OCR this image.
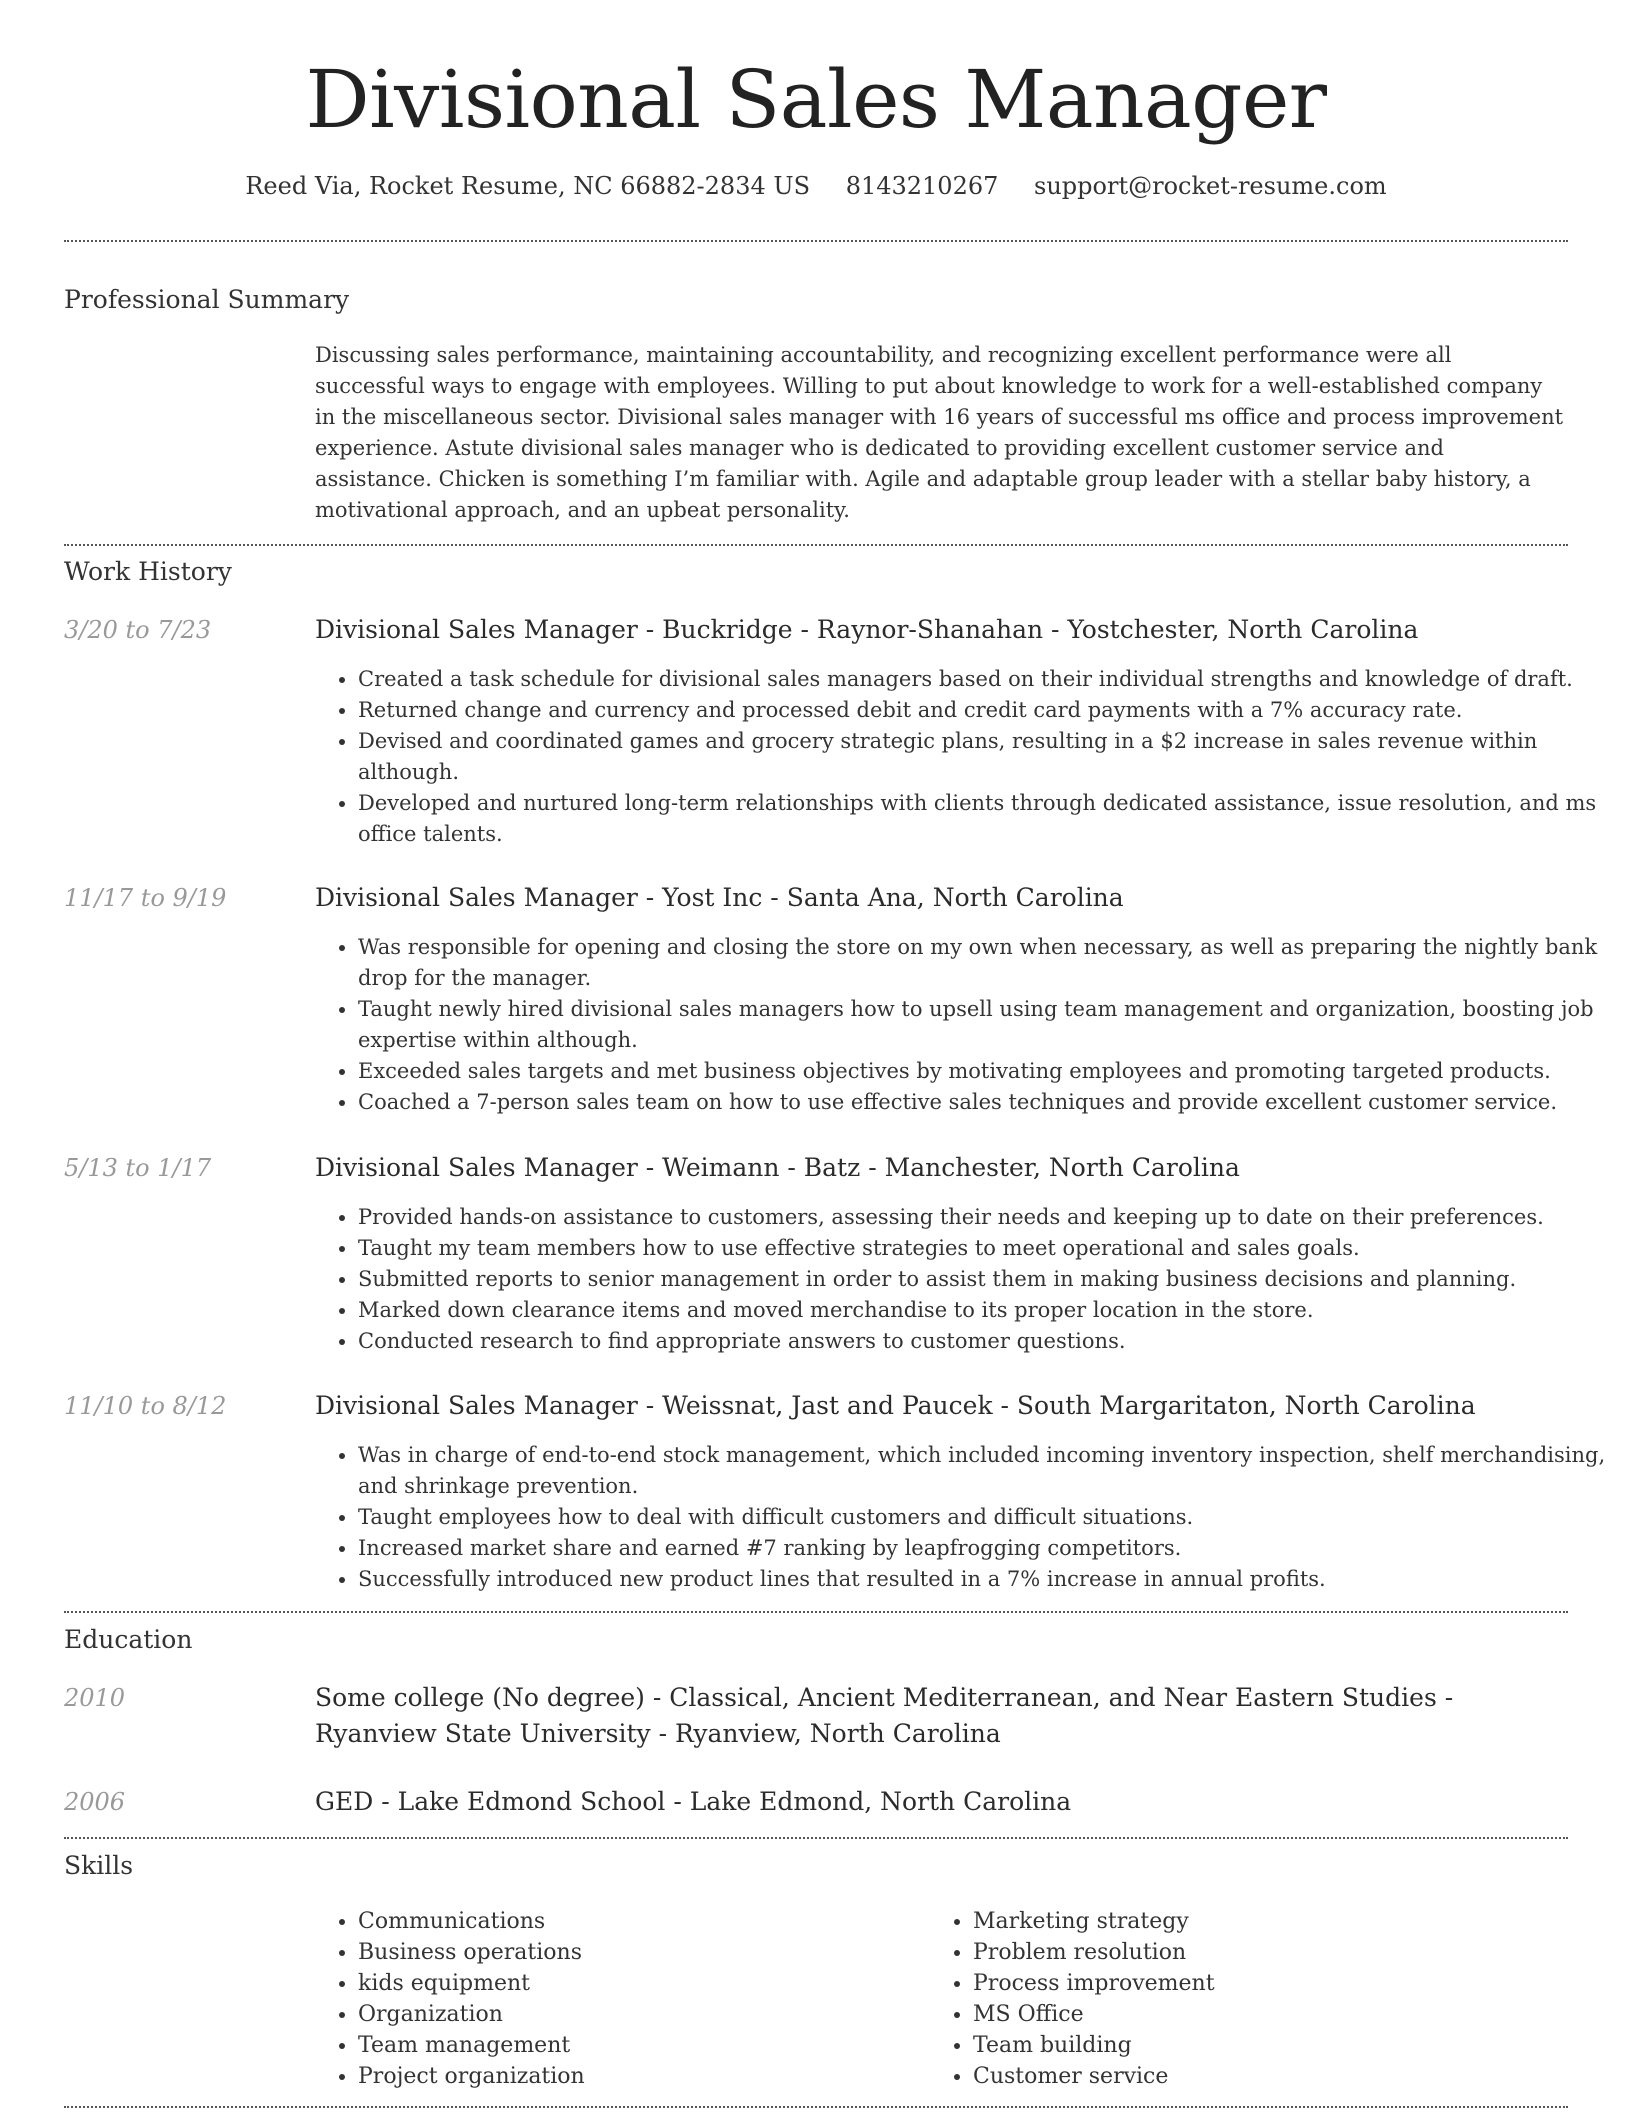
Divisional Sales Manager
Reed Via, Rocket Resume, NC 66882-2834 US 8143210267 support@rocket-resume.com
Professional Summary
Discussing sales performance, maintaining accountability, and recognizing excellent performance were all successful ways to engage with employees. Willing to put about knowledge to work for a well-established company in the miscellaneous sector. Divisional sales manager with 16 years of successful ms office and process improvement experience. Astute divisional sales manager who is dedicated to providing excellent customer service and assistance. Chicken is something I’m familiar with. Agile and adaptable group leader with a stellar baby history, a motivational approach, and an upbeat personality.
Work History
3/20 to 7/23	Divisional Sales Manager - Buckridge - Raynor-Shanahan - Yostchester, North Carolina
• Created a task schedule for divisional sales managers based on their individual strengths and knowledge of draft.
• Returned change and currency and processed debit and credit card payments with a 7% accuracy rate.
• Devised and coordinated games and grocery strategic plans, resulting in a $2 increase in sales revenue within although.
• Developed and nurtured long-term relationships with clients through dedicated assistance, issue resolution, and ms office talents.
11/17 to 9/19	Divisional Sales Manager - Yost Inc - Santa Ana, North Carolina
• Was responsible for opening and closing the store on my own when necessary, as well as preparing the nightly bank drop for the manager.
• Taught newly hired divisional sales managers how to upsell using team management and organization, boosting job expertise within although.
• Exceeded sales targets and met business objectives by motivating employees and promoting targeted products.
• Coached a 7-person sales team on how to use effective sales techniques and provide excellent customer service.
5/13 to 1/17	Divisional Sales Manager - Weimann - Batz - Manchester, North Carolina
• Provided hands-on assistance to customers, assessing their needs and keeping up to date on their preferences.
• Taught my team members how to use effective strategies to meet operational and sales goals.
• Submitted reports to senior management in order to assist them in making business decisions and planning.
• Marked down clearance items and moved merchandise to its proper location in the store.
• Conducted research to find appropriate answers to customer questions.
11/10 to 8/12	Divisional Sales Manager - Weissnat, Jast and Paucek - South Margaritaton, North Carolina
• Was in charge of end-to-end stock management, which included incoming inventory inspection, shelf merchandising, and shrinkage prevention.
• Taught employees how to deal with difficult customers and difficult situations.
• Increased market share and earned #7 ranking by leapfrogging competitors.
• Successfully introduced new product lines that resulted in a 7% increase in annual profits.
Education
2010	Some college (No degree) - Classical, Ancient Mediterranean, and Near Eastern Studies - Ryanview State University - Ryanview, North Carolina
2006	GED - Lake Edmond School - Lake Edmond, North Carolina
Skills
• Communications
• Business operations
• kids equipment
• Organization
• Team management
• Project organization
• Marketing strategy
• Problem resolution
• Process improvement
• MS Office
• Team building
• Customer service
